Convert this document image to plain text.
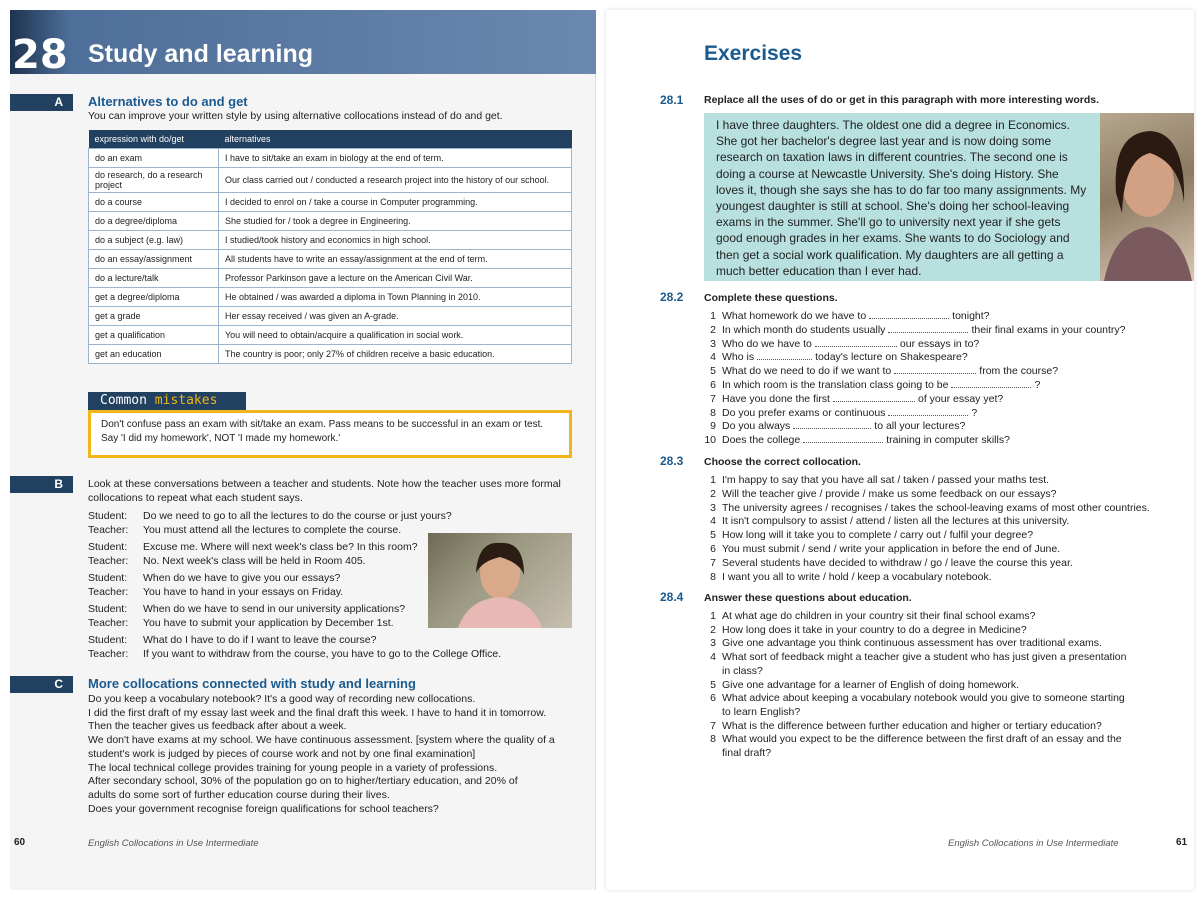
28 Study and learning
A	Alternatives to do and get
You can improve your written style by using alternative collocations instead of do and get.
expression with do/get	alternatives
do an exam	I have to sit/take an exam in biology at the end of term.
do research, do a research project	Our class carried out / conducted a research project into the history of our school.
do a course	I decided to enrol on / take a course in Computer programming.
do a degree/diploma	She studied for / took a degree in Engineering.
do a subject (e.g. law)	I studied/took history and economics in high school.
do an essay/assignment	All students have to write an essay/assignment at the end of term.
do a lecture/talk	Professor Parkinson gave a lecture on the American Civil War.
get a degree/diploma	He obtained / was awarded a diploma in Town Planning in 2010.
get a grade	Her essay received / was given an A-grade.
get a qualification	You will need to obtain/acquire a qualification in social work.
get an education	The country is poor; only 27% of children receive a basic education.
Common mistakes
Don't confuse pass an exam with sit/take an exam. Pass means to be successful in an exam or test.
Say 'I did my homework', NOT 'I made my homework.'
B	Look at these conversations between a teacher and students. Note how the teacher uses more formal collocations to repeat what each student says.
Student: Do we need to go to all the lectures to do the course or just yours?
Teacher: You must attend all the lectures to complete the course.
Student: Excuse me. Where will next week's class be? In this room?
Teacher: No. Next week's class will be held in Room 405.
Student: When do we have to give you our essays?
Teacher: You have to hand in your essays on Friday.
Student: When do we have to send in our university applications?
Teacher: You have to submit your application by December 1st.
Student: What do I have to do if I want to leave the course?
Teacher: If you want to withdraw from the course, you have to go to the College Office.
C	More collocations connected with study and learning
Do you keep a vocabulary notebook? It's a good way of recording new collocations.
I did the first draft of my essay last week and the final draft this week. I have to hand it in tomorrow.
Then the teacher gives us feedback after about a week.
We don't have exams at my school. We have continuous assessment. [system where the quality of a
student's work is judged by pieces of course work and not by one final examination]
The local technical college provides training for young people in a variety of professions.
After secondary school, 30% of the population go on to higher/tertiary education, and 20% of
adults do some sort of further education course during their lives.
Does your government recognise foreign qualifications for school teachers?
60	English Collocations in Use Intermediate
Exercises
28.1 Replace all the uses of do or get in this paragraph with more interesting words.
I have three daughters. The oldest one did a degree in Economics. She got her bachelor's degree last year and is now doing some research on taxation laws in different countries. The second one is doing a course at Newcastle University. She's doing History. She loves it, though she says she has to do far too many assignments. My youngest daughter is still at school. She's doing her school-leaving exams in the summer. She'll go to university next year if she gets good enough grades in her exams. She wants to do Sociology and then get a social work qualification. My daughters are all getting a much better education than I ever had.
28.2 Complete these questions.
1 What homework do we have to	tonight?
2 In which month do students usually	their final exams in your country?
3 Who do we have to	our essays in to?
4 Who is	today's lecture on Shakespeare?
5 What do we need to do if we want to	from the course?
6 In which room is the translation class going to be	?
7 Have you done the first	of your essay yet?
8 Do you prefer exams or continuous	?
9 Do you always	to all your lectures?
10 Does the college	training in computer skills?
28.3 Choose the correct collocation.
1 I'm happy to say that you have all sat / taken / passed your maths test.
2 Will the teacher give / provide / make us some feedback on our essays?
3 The university agrees / recognises / takes the school-leaving exams of most other countries.
4 It isn't compulsory to assist / attend / listen all the lectures at this university.
5 How long will it take you to complete / carry out / fulfil your degree?
6 You must submit / send / write your application in before the end of June.
7 Several students have decided to withdraw / go / leave the course this year.
8 I want you all to write / hold / keep a vocabulary notebook.
28.4 Answer these questions about education.
1 At what age do children in your country sit their final school exams?
2 How long does it take in your country to do a degree in Medicine?
3 Give one advantage you think continuous assessment has over traditional exams.
4 What sort of feedback might a teacher give a student who has just given a presentation
in class?
5 Give one advantage for a learner of English of doing homework.
6 What advice about keeping a vocabulary notebook would you give to someone starting
to learn English?
7 What is the difference between further education and higher or tertiary education?
8 What would you expect to be the difference between the first draft of an essay and the
final draft?
English Collocations in Use Intermediate	61
